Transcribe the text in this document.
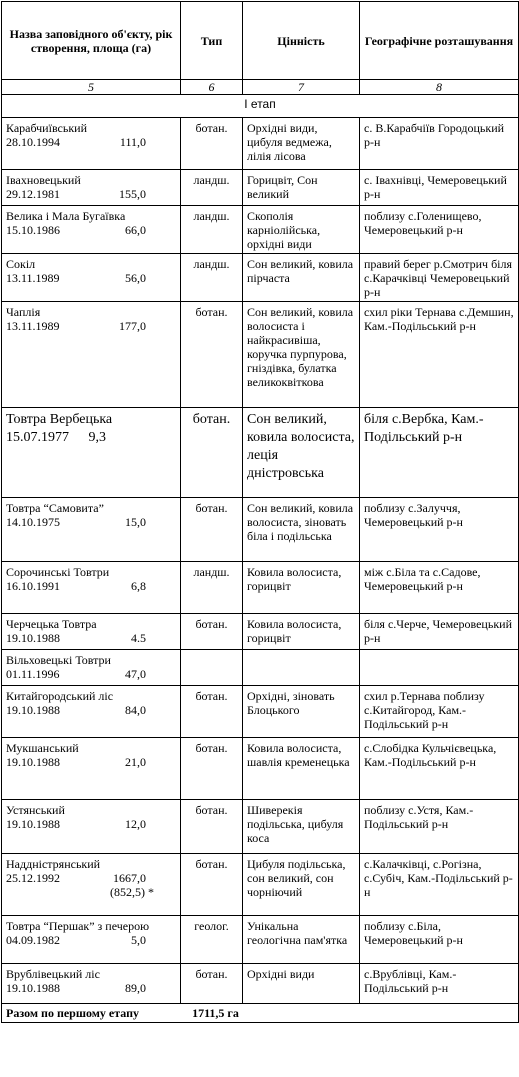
Назва заповідного об'єкту, рік створення, площа (га)	Тип	Цінність	Географічне розташування
5	6	7	8
І етап			

Карабчиївський
28.10.1994 111,0	ботан.	Орхідні види, цибуля ведмежа, лілія лісова	с. В.Карабчіїв Городоцький р-н

Івахновецький
29.12.1981 155,0	ландш.	Горицвіт, Сон великий	с. Іваxнівці, Чемеровецький р-н

Велика і Мала Бугаївка
15.10.1986 66,0	ландш.	Скополія карніолійська, орхідні види	поблизу с.Голенищево, Чемеровецький р-н

Сокіл
13.11.1989 56,0	ландш.	Сон великий, ковила пірчаста	правий берег р.Смотрич біля с.Карачківці Чемеровецький р-н

Чаплія
13.11.1989 177,0	ботан.	Сон великий, ковила волосиста і найкрасивіша, коручка пурпурова, гніздівка, булатка великоквіткова	схил ріки Тернава с.Демшин, Кам.-Подільський р-н

Товтра Вербецька
15.07.1977 9,3	ботан.	Сон великий, ковила волосиста, леція дністровська	біля с.Вербка, Кам.-Подільський р-н

Товтра “Самовита”
14.10.1975 15,0	ботан.	Сон великий, ковила волосиста, зіновать біла і подільська	поблизу с.Залуччя, Чемеровецький р-н

Сорочинські Товтри
16.10.1991 6,8	ландш.	Ковила волосиста, горицвіт	між с.Біла та с.Садове, Чемеровецький р-н

Черчецька Товтра
19.10.1988 4.5	ботан.	Ковила волосиста, горицвіт	біля с.Черче, Чемеровецький р-н

Вільховецькі Товтри
01.11.1996 47,0			

Китайгородський ліс
19.10.1988 84,0	ботан.	Орхідні, зіновать Блоцького	схил р.Тернава поблизу с.Китайгород, Кам.-Подільський р-н

Мукшанський
19.10.1988 21,0	ботан.	Ковила волосиста, шавлія кременецька	с.Слобідка Кульчієвецька, Кам.-Подільський р-н

Устянський
19.10.1988 12,0	ботан.	Шиверекія подільська, цибуля коса	поблизу с.Устя, Кам.-Подільський р-н

Наддністрянський
25.12.1992 1667,0
(852,5) *	ботан.	Цибуля подільська, сон великий, сон чорніючий	с.Калачківці, с.Рогізна, с.Субіч, Кам.-Подільський р-н

Товтра “Першак” з печерою
04.09.1982 5,0	геолог.	Унікальна геологічна пам'ятка	поблизу с.Біла, Чемеровецький р-н

Врублівецький ліс
19.10.1988 89,0	ботан.	Орхідні види	с.Врублівці, Кам.-Подільський р-н
Разом по першому етапу 1711,5 га			
